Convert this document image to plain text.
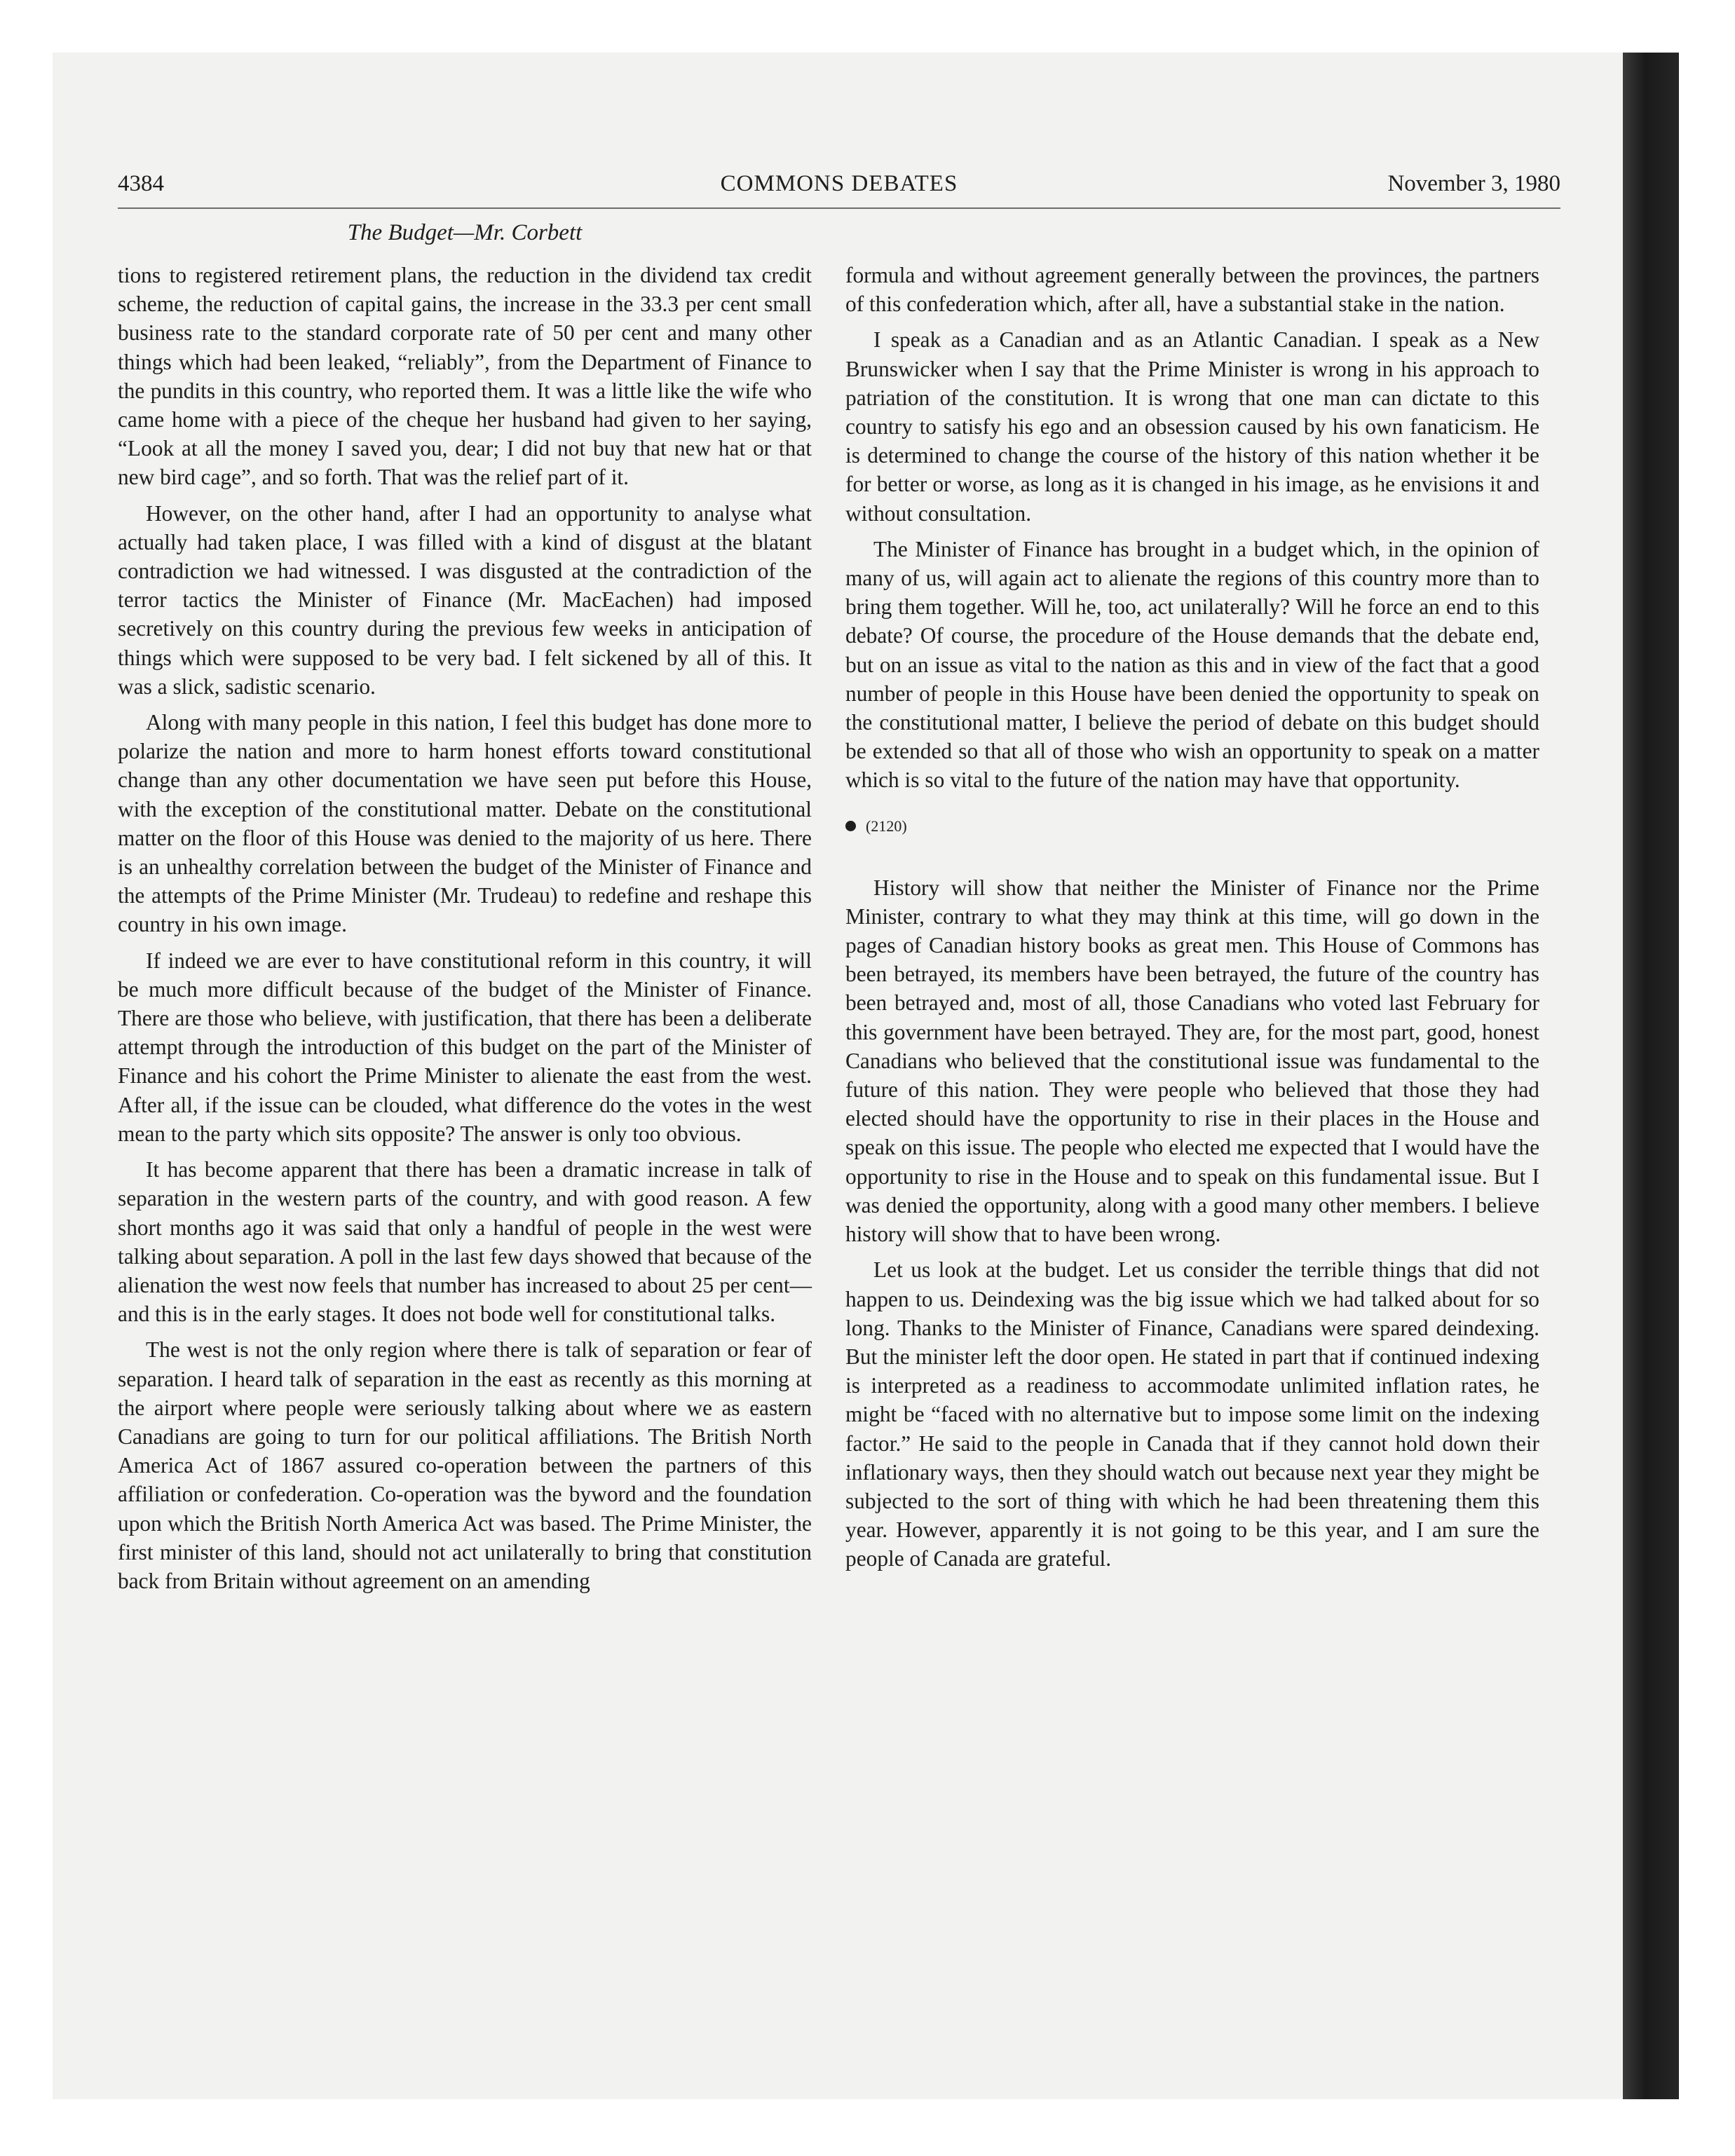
4384	COMMONS DEBATES	November 3, 1980
The Budget—Mr. Corbett

tions to registered retirement plans, the reduction in the dividend tax credit scheme, the reduction of capital gains, the increase in the 33.3 per cent small business rate to the standard corporate rate of 50 per cent and many other things which had been leaked, “reliably”, from the Department of Finance to the pundits in this country, who reported them. It was a little like the wife who came home with a piece of the cheque her husband had given to her saying, “Look at all the money I saved you, dear; I did not buy that new hat or that new bird cage”, and so forth. That was the relief part of it.

However, on the other hand, after I had an opportunity to analyse what actually had taken place, I was filled with a kind of disgust at the blatant contradiction we had witnessed. I was disgusted at the contradiction of the terror tactics the Minister of Finance (Mr. MacEachen) had imposed secretively on this country during the previous few weeks in anticipation of things which were supposed to be very bad. I felt sickened by all of this. It was a slick, sadistic scenario.

Along with many people in this nation, I feel this budget has done more to polarize the nation and more to harm honest efforts toward constitutional change than any other documentation we have seen put before this House, with the exception of the constitutional matter. Debate on the constitutional matter on the floor of this House was denied to the majority of us here. There is an unhealthy correlation between the budget of the Minister of Finance and the attempts of the Prime Minister (Mr. Trudeau) to redefine and reshape this country in his own image.

If indeed we are ever to have constitutional reform in this country, it will be much more difficult because of the budget of the Minister of Finance. There are those who believe, with justification, that there has been a deliberate attempt through the introduction of this budget on the part of the Minister of Finance and his cohort the Prime Minister to alienate the east from the west. After all, if the issue can be clouded, what difference do the votes in the west mean to the party which sits opposite? The answer is only too obvious.

It has become apparent that there has been a dramatic increase in talk of separation in the western parts of the country, and with good reason. A few short months ago it was said that only a handful of people in the west were talking about separation. A poll in the last few days showed that because of the alienation the west now feels that number has increased to about 25 per cent—and this is in the early stages. It does not bode well for constitutional talks.

The west is not the only region where there is talk of separation or fear of separation. I heard talk of separation in the east as recently as this morning at the airport where people were seriously talking about where we as eastern Canadians are going to turn for our political affiliations. The British North America Act of 1867 assured co-operation between the partners of this affiliation or confederation. Co-operation was the byword and the foundation upon which the British North America Act was based. The Prime Minister, the first minister of this land, should not act unilaterally to bring that constitution back from Britain without agreement on an amending

formula and without agreement generally between the provinces, the partners of this confederation which, after all, have a substantial stake in the nation.

I speak as a Canadian and as an Atlantic Canadian. I speak as a New Brunswicker when I say that the Prime Minister is wrong in his approach to patriation of the constitution. It is wrong that one man can dictate to this country to satisfy his ego and an obsession caused by his own fanaticism. He is determined to change the course of the history of this nation whether it be for better or worse, as long as it is changed in his image, as he envisions it and without consultation.

The Minister of Finance has brought in a budget which, in the opinion of many of us, will again act to alienate the regions of this country more than to bring them together. Will he, too, act unilaterally? Will he force an end to this debate? Of course, the procedure of the House demands that the debate end, but on an issue as vital to the nation as this and in view of the fact that a good number of people in this House have been denied the opportunity to speak on the constitutional matter, I believe the period of debate on this budget should be extended so that all of those who wish an opportunity to speak on a matter which is so vital to the future of the nation may have that opportunity.

(2120)

History will show that neither the Minister of Finance nor the Prime Minister, contrary to what they may think at this time, will go down in the pages of Canadian history books as great men. This House of Commons has been betrayed, its members have been betrayed, the future of the country has been betrayed and, most of all, those Canadians who voted last February for this government have been betrayed. They are, for the most part, good, honest Canadians who believed that the constitutional issue was fundamental to the future of this nation. They were people who believed that those they had elected should have the opportunity to rise in their places in the House and speak on this issue. The people who elected me expected that I would have the opportunity to rise in the House and to speak on this fundamental issue. But I was denied the opportunity, along with a good many other members. I believe history will show that to have been wrong.

Let us look at the budget. Let us consider the terrible things that did not happen to us. Deindexing was the big issue which we had talked about for so long. Thanks to the Minister of Finance, Canadians were spared deindexing. But the minister left the door open. He stated in part that if continued indexing is interpreted as a readiness to accommodate unlimited inflation rates, he might be “faced with no alternative but to impose some limit on the indexing factor.” He said to the people in Canada that if they cannot hold down their inflationary ways, then they should watch out because next year they might be subjected to the sort of thing with which he had been threatening them this year. However, apparently it is not going to be this year, and I am sure the people of Canada are grateful.
